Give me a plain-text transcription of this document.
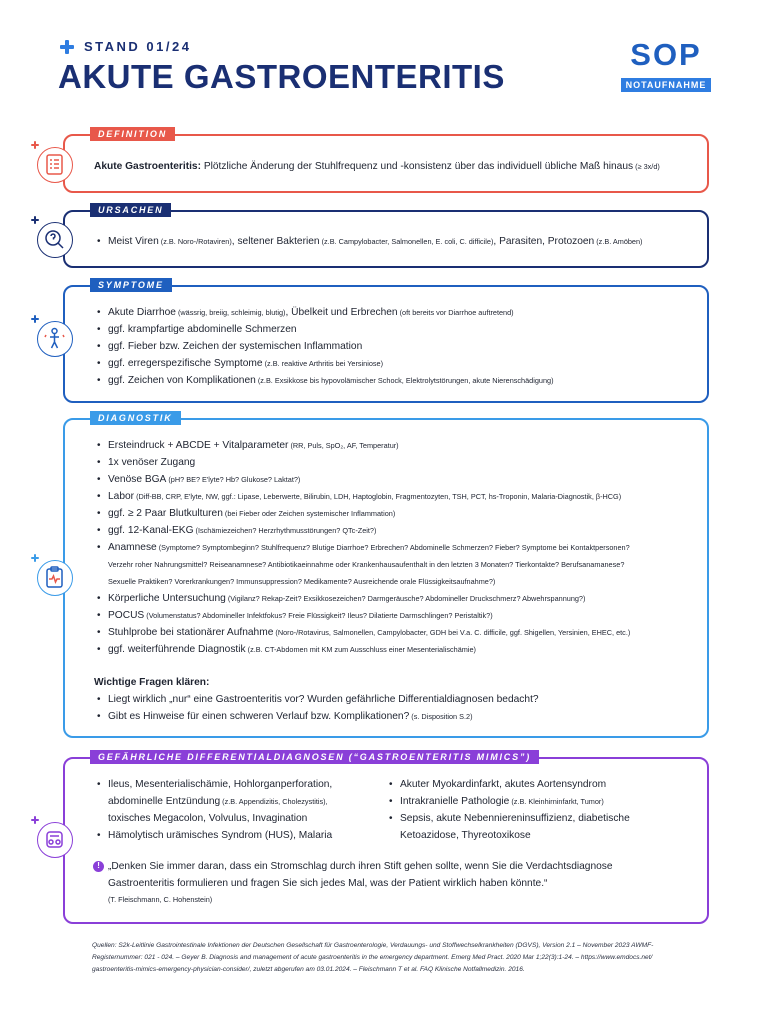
STAND 01/24
AKUTE GASTROENTERITIS
SOP
NOTAUFNAHME
DEFINITION
Akute Gastroenteritis: Plötzliche Änderung der Stuhlfrequenz und -konsistenz über das individuell übliche Maß hinaus (≥ 3x/d)
URSACHEN
• Meist Viren (z.B. Noro-/Rotaviren), seltener Bakterien (z.B. Campylobacter, Salmonellen, E. coli, C. difficile), Parasiten, Protozoen (z.B. Amöben)
SYMPTOME
• Akute Diarrhoe (wässrig, breiig, schleimig, blutig), Übelkeit und Erbrechen (oft bereits vor Diarrhoe auftretend)
• ggf. krampfartige abdominelle Schmerzen
• ggf. Fieber bzw. Zeichen der systemischen Inflammation
• ggf. erregerspezifische Symptome (z.B. reaktive Arthritis bei Yersiniose)
• ggf. Zeichen von Komplikationen (z.B. Exsikkose bis hypovolämischer Schock, Elektrolytstörungen, akute Nierenschädigung)
DIAGNOSTIK
• Ersteindruck + ABCDE + Vitalparameter (RR, Puls, SpO₂, AF, Temperatur)
• 1x venöser Zugang
• Venöse BGA (pH? BE? E'lyte? Hb? Glukose? Laktat?)
• Labor (Diff-BB, CRP, E'lyte, NW, ggf.: Lipase, Leberwerte, Bilirubin, LDH, Haptoglobin, Fragmentozyten, TSH, PCT, hs-Troponin, Malaria-Diagnostik, β-HCG)
• ggf. ≥ 2 Paar Blutkulturen (bei Fieber oder Zeichen systemischer Inflammation)
• ggf. 12-Kanal-EKG (Ischämiezeichen? Herzrhythmusstörungen? QTc-Zeit?)
• Anamnese (Symptome? Symptombeginn? Stuhlfrequenz? Blutige Diarrhoe? Erbrechen? Abdominelle Schmerzen? Fieber? Symptome bei Kontaktpersonen?
Verzehr roher Nahrungsmittel? Reiseanamnese? Antibiotikaeinnahme oder Krankenhausaufenthalt in den letzten 3 Monaten? Tierkontakte? Berufsanamanese?
Sexuelle Praktiken? Vorerkrankungen? Immunsuppression? Medikamente? Ausreichende orale Flüssigkeitsaufnahme?)
• Körperliche Untersuchung (Vigilanz? Rekap-Zeit? Exsikkosezeichen? Darmgeräusche? Abdomineller Druckschmerz? Abwehrspannung?)
• POCUS (Volumenstatus? Abdomineller Infektfokus? Freie Flüssigkeit? Ileus? Dilatierte Darmschlingen? Peristaltik?)
• Stuhlprobe bei stationärer Aufnahme (Noro-/Rotavirus, Salmonellen, Campylobacter, GDH bei V.a. C. difficile, ggf. Shigellen, Yersinien, EHEC, etc.)
• ggf. weiterführende Diagnostik (z.B. CT-Abdomen mit KM zum Ausschluss einer Mesenterialischämie)
Wichtige Fragen klären:
• Liegt wirklich „nur“ eine Gastroenteritis vor? Wurden gefährliche Differentialdiagnosen bedacht?
• Gibt es Hinweise für einen schweren Verlauf bzw. Komplikationen? (s. Disposition S.2)
GEFÄHRLICHE DIFFERENTIALDIAGNOSEN (“GASTROENTERITIS MIMICS”)
• Ileus, Mesenterialischämie, Hohlorganperforation,
abdominelle Entzündung (z.B. Appendizitis, Cholezystitis),
toxisches Megacolon, Volvulus, Invagination
• Hämolytisch urämisches Syndrom (HUS), Malaria
• Akuter Myokardinfarkt, akutes Aortensyndrom
• Intrakranielle Pathologie (z.B. Kleinhirninfarkt, Tumor)
• Sepsis, akute Nebenniereninsuffizienz, diabetische
Ketoazidose, Thyreotoxikose
!
„Denken Sie immer daran, dass ein Stromschlag durch ihren Stift gehen sollte, wenn Sie die Verdachtsdiagnose
Gastroenteritis formulieren und fragen Sie sich jedes Mal, was der Patient wirklich haben könnte.“
(T. Fleischmann, C. Hohenstein)
Quellen: S2k-Leitlinie Gastrointestinale Infektionen der Deutschen Gesellschaft für Gastroenterologie, Verdauungs- und Stoffwechselkrankheiten (DGVS), Version 2.1 – November 2023 AWMF-
Registernummer: 021 - 024. – Geyer B. Diagnosis and management of acute gastroenteritis in the emergency department. Emerg Med Pract. 2020 Mar 1;22(3):1-24. – https://www.emdocs.net/
gastroenteritis-mimics-emergency-physician-consider/, zuletzt abgerufen am 03.01.2024. – Fleischmann T et al. FAQ Klinische Notfallmedizin. 2016.
